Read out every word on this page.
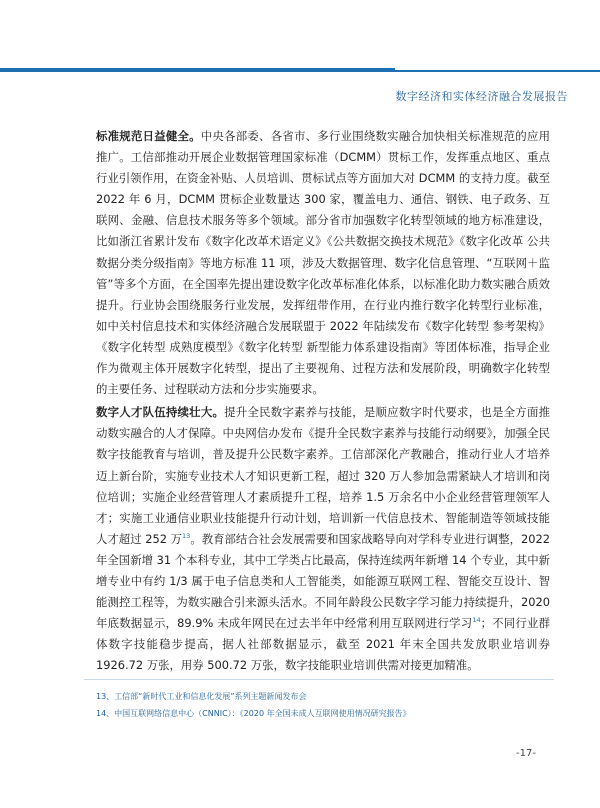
数字经济和实体经济融合发展报告

标准规范日益健全。中央各部委、各省市、多行业围绕数实融合加快相关标准规范的应用推广。工信部推动开展企业数据管理国家标准（DCMM）贯标工作，发挥重点地区、重点行业引领作用，在资金补贴、人员培训、贯标试点等方面加大对 DCMM 的支持力度。截至 2022 年 6 月，DCMM 贯标企业数量达 300 家，覆盖电力、通信、钢铁、电子政务、互联网、金融、信息技术服务等多个领域。部分省市加强数字化转型领域的地方标准建设，比如浙江省累计发布《数字化改革术语定义》《公共数据交换技术规范》《数字化改革 公共数据分类分级指南》等地方标准 11 项，涉及大数据管理、数字化信息管理、“互联网＋监管”等多个方面，在全国率先提出建设数字化改革标准化体系，以标准化助力数实融合质效提升。行业协会围绕服务行业发展，发挥纽带作用，在行业内推行数字化转型行业标准，如中关村信息技术和实体经济融合发展联盟于 2022 年陆续发布《数字化转型 参考架构》《数字化转型 成熟度模型》《数字化转型 新型能力体系建设指南》等团体标准，指导企业作为微观主体开展数字化转型，提出了主要视角、过程方法和发展阶段，明确数字化转型的主要任务、过程联动方法和分步实施要求。

数字人才队伍持续壮大。提升全民数字素养与技能，是顺应数字时代要求，也是全方面推动数实融合的人才保障。中央网信办发布《提升全民数字素养与技能行动纲要》，加强全民数字技能教育与培训，普及提升公民数字素养。工信部深化产教融合，推动行业人才培养迈上新台阶，实施专业技术人才知识更新工程，超过 320 万人参加急需紧缺人才培训和岗位培训；实施企业经营管理人才素质提升工程，培养 1.5 万余名中小企业经营管理领军人才；实施工业通信业职业技能提升行动计划，培训新一代信息技术、智能制造等领域技能人才超过 252 万$^{13}$。教育部结合社会发展需要和国家战略导向对学科专业进行调整，2022 年全国新增 31 个本科专业，其中工学类占比最高，保持连续两年新增 14 个专业，其中新增专业中有约 1/3 属于电子信息类和人工智能类，如能源互联网工程、智能交互设计、智能测控工程等，为数实融合引来源头活水。不同年龄段公民数字学习能力持续提升，2020 年底数据显示，89.9% 未成年网民在过去半年中经常利用互联网进行学习$^{14}$；不同行业群体数字技能稳步提高，据人社部数据显示，截至 2021 年末全国共发放职业培训券 1926.72 万张，用券 500.72 万张，数字技能职业培训供需对接更加精准。

13、工信部“新时代工业和信息化发展”系列主题新闻发布会

14、中国互联网络信息中心（CNNIC）：《2020 年全国未成人互联网使用情况研究报告》

-17-
